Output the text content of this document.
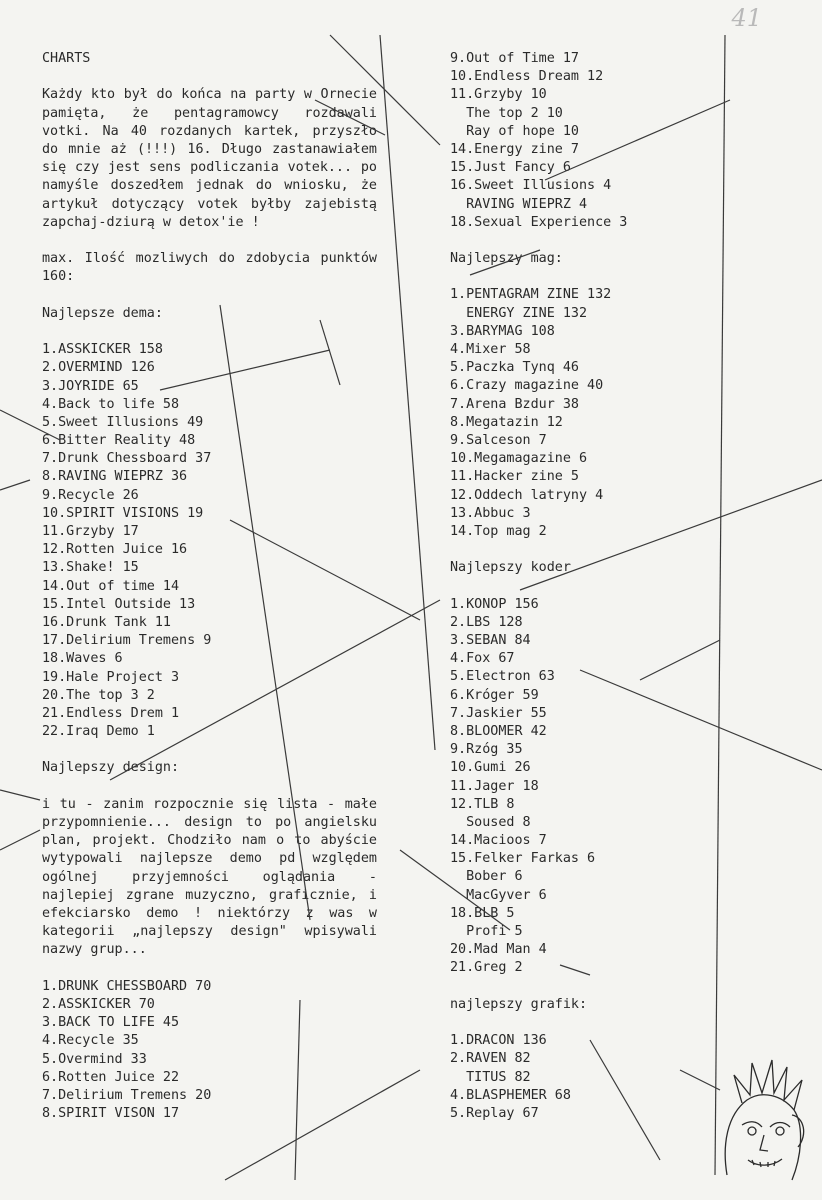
41
CHARTS
Każdy kto był do końca na party w Ornecie pamięta, że pentagramowcy rozdawali votki. Na 40 rozdanych kartek, przyszło do mnie aż (!!!) 16. Długo zastanawiałem się czy jest sens podliczania votek... po namyśle doszedłem jednak do wniosku, że artykuł dotyczący votek byłby zajebistą zapchaj-dziurą w detox'ie !
max. Ilość mozliwych do zdobycia punktów 160:
Najlepsze dema:
1.ASSKICKER 158
2.OVERMIND 126
3.JOYRIDE 65
4.Back to life 58
5.Sweet Illusions 49
6.Bitter Reality 48
7.Drunk Chessboard 37
8.RAVING WIEPRZ 36
9.Recycle 26
10.SPIRIT VISIONS 19
11.Grzyby 17
12.Rotten Juice 16
13.Shake! 15
14.Out of time 14
15.Intel Outside 13
16.Drunk Tank 11
17.Delirium Tremens 9
18.Waves 6
19.Hale Project 3
20.The top 3 2
21.Endless Drem 1
22.Iraq Demo 1
Najlepszy design:
i tu - zanim rozpocznie się lista - małe przypomnienie... design to po angielsku plan, projekt. Chodziło nam o to abyście wytypowali najlepsze demo pd względem ogólnej przyjemności oglądania - najlepiej zgrane muzyczno, graficznie, i efekciarsko demo ! niektórzy z was w kategorii „najlepszy design" wpisywali nazwy grup...
1.DRUNK CHESSBOARD 70
2.ASSKICKER 70
3.BACK TO LIFE 45
4.Recycle 35
5.Overmind 33
6.Rotten Juice 22
7.Delirium Tremens 20
8.SPIRIT VISON 17
9.Out of Time 17
10.Endless Dream 12
11.Grzyby 10
The top 2 10
Ray of hope 10
14.Energy zine 7
15.Just Fancy 6
16.Sweet Illusions 4
RAVING WIEPRZ 4
18.Sexual Experience 3
Najlepszy mag:
1.PENTAGRAM ZINE 132
ENERGY ZINE 132
3.BARYMAG 108
4.Mixer 58
5.Paczka Tynq 46
6.Crazy magazine 40
7.Arena Bzdur 38
8.Megatazin 12
9.Salceson 7
10.Megamagazine 6
11.Hacker zine 5
12.Oddech latryny 4
13.Abbuc 3
14.Top mag 2
Najlepszy koder
1.KONOP 156
2.LBS 128
3.SEBAN 84
4.Fox 67
5.Electron 63
6.Króger 59
7.Jaskier 55
8.BLOOMER 42
9.Rzóg 35
10.Gumi 26
11.Jager 18
12.TLB 8
Soused 8
14.Macioos 7
15.Felker Farkas 6
Bober 6
MacGyver 6
18.BLB 5
Profi 5
20.Mad Man 4
21.Greg 2
najlepszy grafik:
1.DRACON 136
2.RAVEN 82
TITUS 82
4.BLASPHEMER 68
5.Replay 67
